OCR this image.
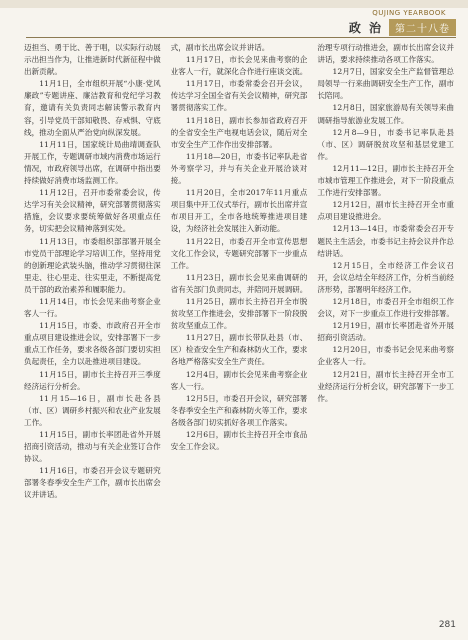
QUJING YEARBOOK
政 治	第二十八卷

迈担当、勇于比、善于唱，以实际行动展示出担当作为，让推进新时代新征程中做出新贡献。

11月1日，全市组织开展“小康·党风廉政”专题讲座、廉洁教育和党纪学习教育，邀请有关负责同志解读警示教育内容，引导党员干部知敬畏、存戒惧、守底线，推动全面从严治党向纵深发展。

11月11日，国家统计局曲靖调查队开展工作，专题调研市域内消费市场运行情况，市政府领导出席，在调研中指出要持续做好消费市场监测工作。

11月12日，召开市委常委会议，传达学习有关会议精神，研究部署贯彻落实措施，会议要求要统筹做好各项重点任务，切实把会议精神落到实处。

11月13日，市委组织部部署开展全市党员干部理论学习培训工作，坚持用党的创新理论武装头脑，推动学习贯彻往深里走、往心里走、往实里走，不断提高党员干部的政治素养和履职能力。

11月14日，市长会见来曲考察企业客人一行。

11月15日，市委、市政府召开全市重点项目建设推进会议，安排部署下一步重点工作任务，要求各级各部门要切实担负起责任，全力以赴推进项目建设。

11月15日，副市长主持召开三季度经济运行分析会。

11月15—16日，副市长赴各县（市、区）调研乡村振兴和农业产业发展工作。

11月15日，副市长率团赴省外开展招商引资活动，推动与有关企业签订合作协议。

11月16日，市委召开会议专题研究部署冬春季安全生产工作，副市长出席会议并讲话。

式，副市长出席会议并讲话。

11月17日，市长会见来曲考察的企业客人一行，就深化合作进行座谈交流。

11月17日，市委常委会召开会议，传达学习全国全省有关会议精神，研究部署贯彻落实工作。

11月18日，副市长参加省政府召开的全省安全生产电视电话会议，随后对全市安全生产工作作出安排部署。

11月18—20日，市委书记率队赴省外考察学习，并与有关企业开展洽谈对接。

11月20日，全市2017年11月重点项目集中开工仪式举行，副市长出席并宣布项目开工，全市各地统筹推进项目建设，为经济社会发展注入新动能。

11月22日，市委召开全市宣传思想文化工作会议，专题研究部署下一步重点工作。

11月23日，副市长会见来曲调研的省有关部门负责同志，并陪同开展调研。

11月25日，副市长主持召开全市脱贫攻坚工作推进会，安排部署下一阶段脱贫攻坚重点工作。

11月27日，副市长带队赴县（市、区）检查安全生产和森林防火工作，要求各地严格落实安全生产责任。

12月4日，副市长会见来曲考察企业客人一行。

12月5日，市委召开会议，研究部署冬春季安全生产和森林防火等工作，要求各级各部门切实抓好各项工作落实。

12月6日，副市长主持召开全市食品安全工作会议。

治理专项行动推进会，副市长出席会议并讲话，要求持续推动各项工作落实。

12月7日，国家安全生产监督管理总局领导一行来曲调研安全生产工作，副市长陪同。

12月8日，国家旅游局有关领导来曲调研指导旅游业发展工作。

12月8—9日，市委书记率队赴县（市、区）调研脱贫攻坚和基层党建工作。

12月11—12日，副市长主持召开全市城市管理工作推进会，对下一阶段重点工作进行安排部署。

12月12日，副市长主持召开全市重点项目建设推进会。

12月13—14日，市委常委会召开专题民主生活会，市委书记主持会议并作总结讲话。

12月15日，全市经济工作会议召开，会议总结全年经济工作，分析当前经济形势，部署明年经济工作。

12月18日，市委召开全市组织工作会议，对下一步重点工作进行安排部署。

12月19日，副市长率团赴省外开展招商引资活动。

12月20日，市委书记会见来曲考察企业客人一行。

12月21日，副市长主持召开全市工业经济运行分析会议，研究部署下一步工作。

281
